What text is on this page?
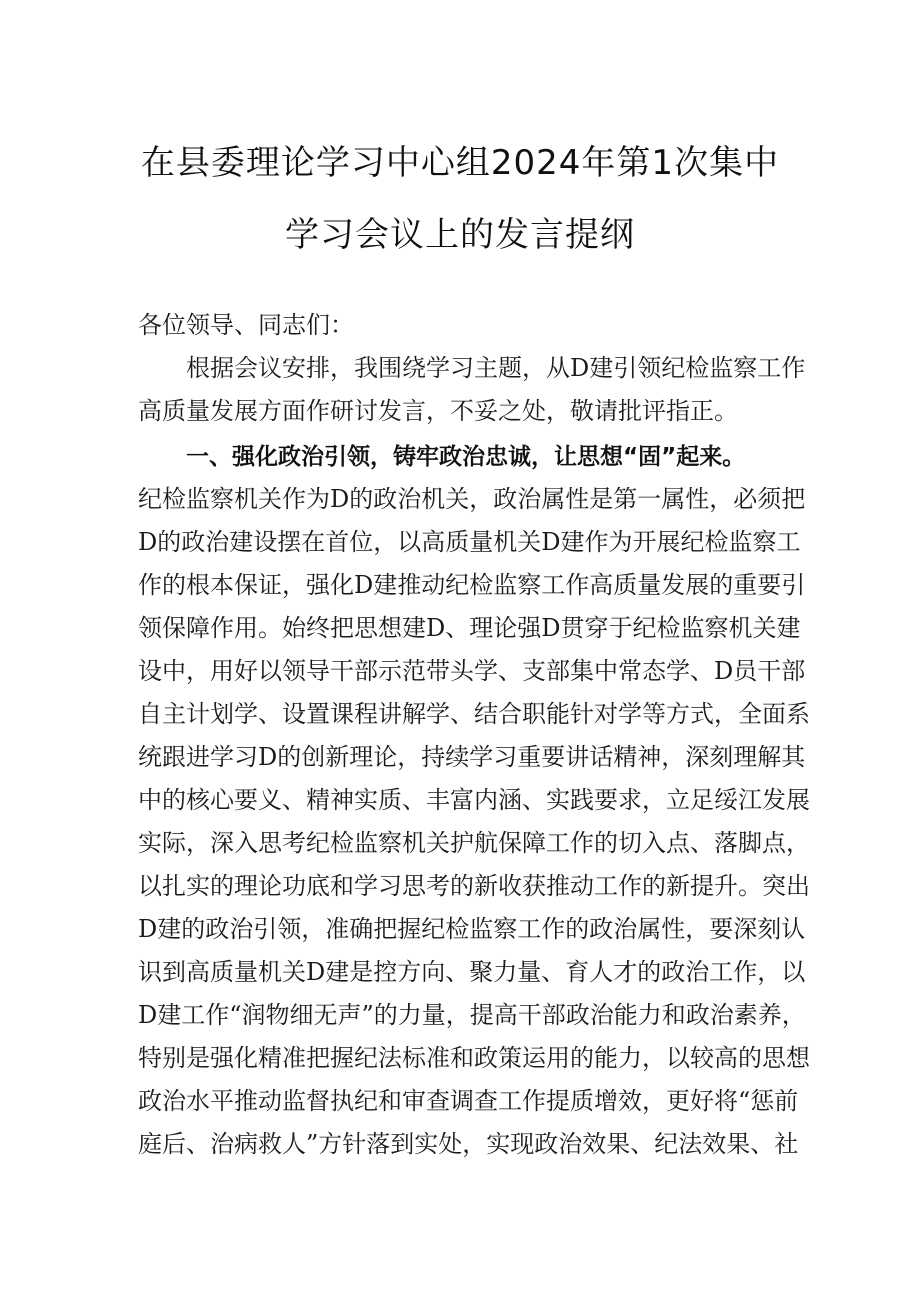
在县委理论学习中心组2024年第1次集中
学习会议上的发言提纲
各位领导、同志们：
根据会议安排，我围绕学习主题，从D建引领纪检监察工作
高质量发展方面作研讨发言，不妥之处，敬请批评指正。
一、强化政治引领，铸牢政治忠诚，让思想“固”起来。
纪检监察机关作为D的政治机关，政治属性是第一属性，必须把
D的政治建设摆在首位，以高质量机关D建作为开展纪检监察工
作的根本保证，强化D建推动纪检监察工作高质量发展的重要引
领保障作用。始终把思想建D、理论强D贯穿于纪检监察机关建
设中，用好以领导干部示范带头学、支部集中常态学、D员干部
自主计划学、设置课程讲解学、结合职能针对学等方式，全面系
统跟进学习D的创新理论，持续学习重要讲话精神，深刻理解其
中的核心要义、精神实质、丰富内涵、实践要求，立足绥江发展
实际，深入思考纪检监察机关护航保障工作的切入点、落脚点，
以扎实的理论功底和学习思考的新收获推动工作的新提升。突出
D建的政治引领，准确把握纪检监察工作的政治属性，要深刻认
识到高质量机关D建是控方向、聚力量、育人才的政治工作，以
D建工作“润物细无声”的力量，提高干部政治能力和政治素养，
特别是强化精准把握纪法标准和政策运用的能力，以较高的思想
政治水平推动监督执纪和审查调查工作提质增效，更好将“惩前
庭后、治病救人”方针落到实处，实现政治效果、纪法效果、社
